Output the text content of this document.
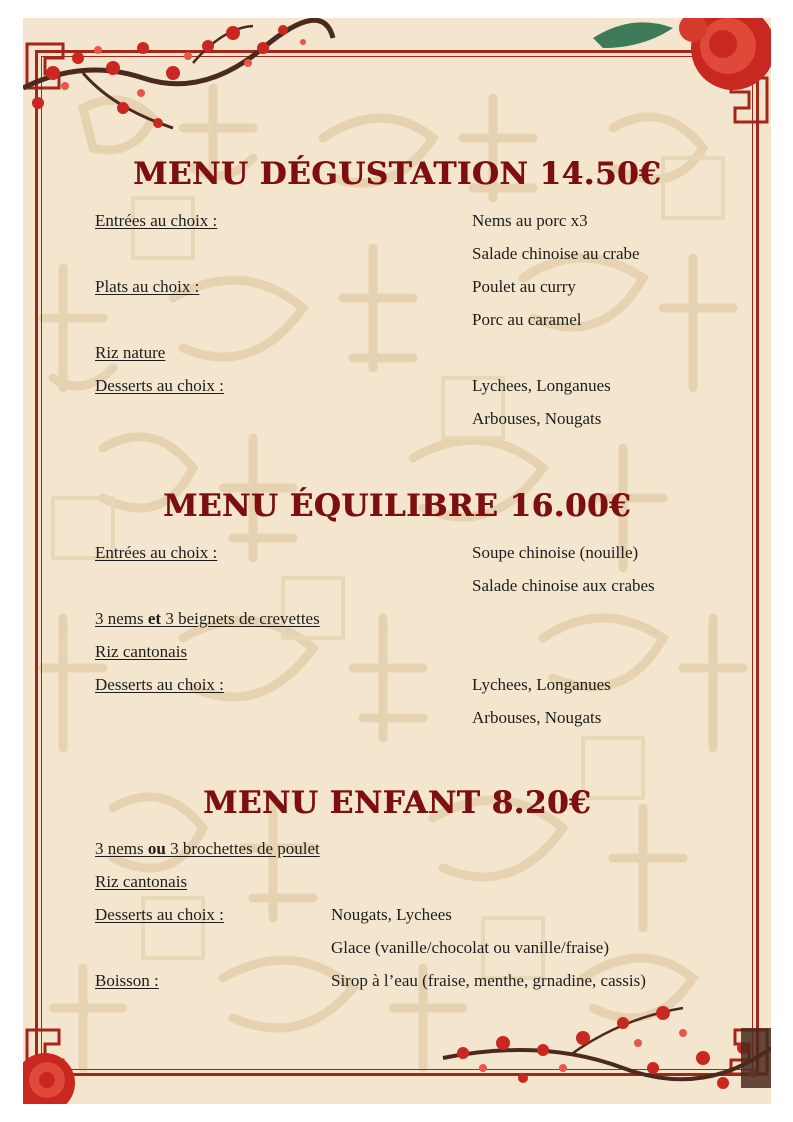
MENU DÉGUSTATION 14.50€
Entrées au choix :	Nems au porc x3
Salade chinoise au crabe
Plats au choix :	Poulet au curry
Porc au caramel
Riz nature
Desserts au choix :	Lychees, Longanues
Arbouses, Nougats
MENU ÉQUILIBRE 16.00€
Entrées au choix :	Soupe chinoise (nouille)
Salade chinoise aux crabes
3 nems et 3 beignets de crevettes
Riz cantonais
Desserts au choix :	Lychees, Longanues
Arbouses, Nougats
MENU ENFANT 8.20€
3 nems ou 3 brochettes de poulet
Riz cantonais
Desserts au choix :	Nougats, Lychees
Glace (vanille/chocolat ou vanille/fraise)
Boisson :	Sirop à l’eau (fraise, menthe, grnadine, cassis)
